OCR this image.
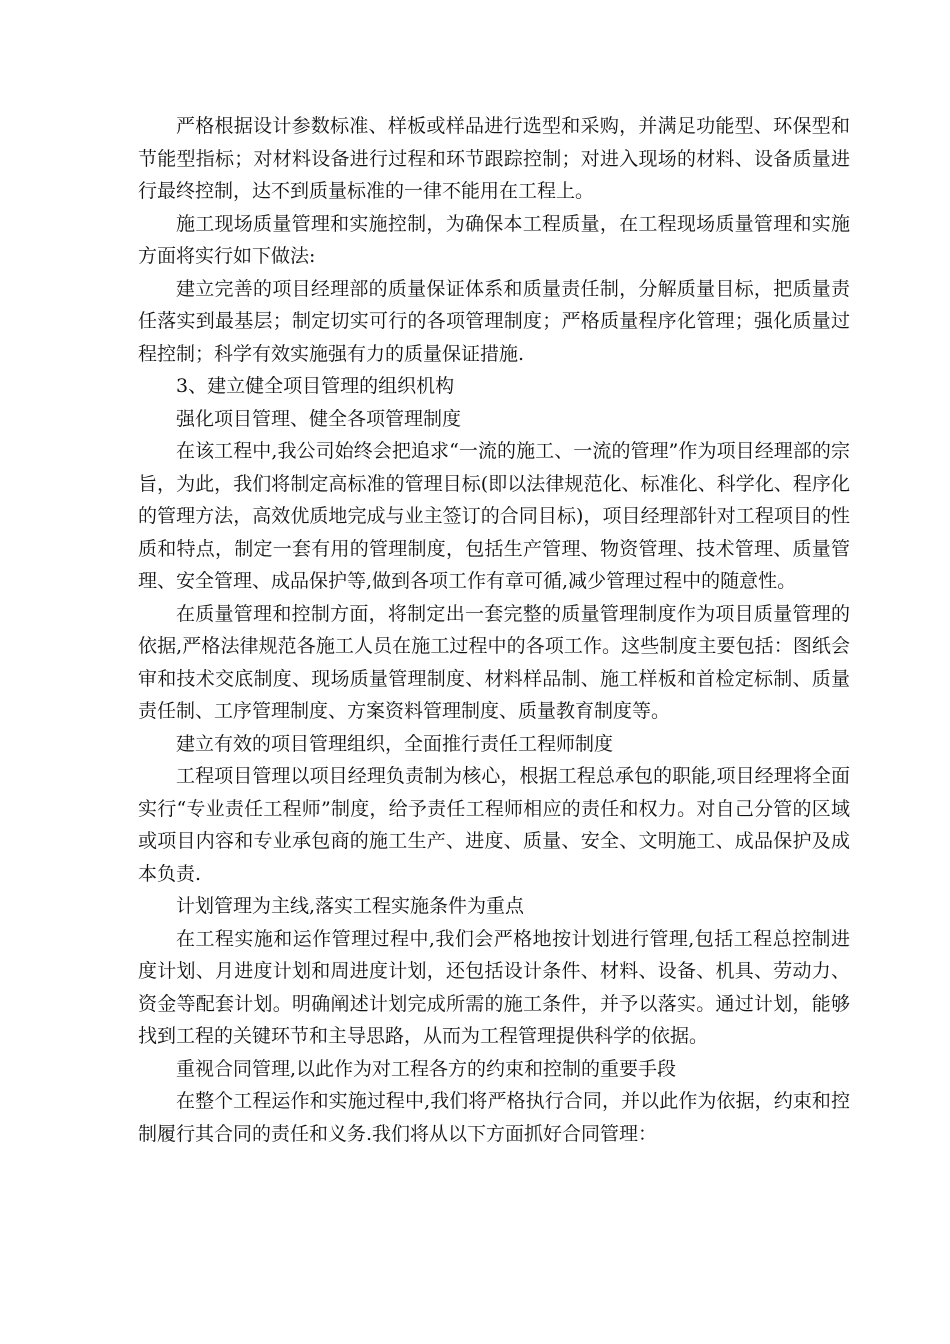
严格根据设计参数标准、样板或样品进行选型和采购，并满足功能型、环保型和节能型指标；对材料设备进行过程和环节跟踪控制；对进入现场的材料、设备质量进行最终控制，达不到质量标准的一律不能用在工程上。

施工现场质量管理和实施控制，为确保本工程质量，在工程现场质量管理和实施方面将实行如下做法:

建立完善的项目经理部的质量保证体系和质量责任制，分解质量目标，把质量责任落实到最基层；制定切实可行的各项管理制度；严格质量程序化管理；强化质量过程控制；科学有效实施强有力的质量保证措施.

3、建立健全项目管理的组织机构

强化项目管理、健全各项管理制度

在该工程中,我公司始终会把追求“一流的施工、一流的管理”作为项目经理部的宗旨，为此，我们将制定高标准的管理目标(即以法律规范化、标准化、科学化、程序化的管理方法，高效优质地完成与业主签订的合同目标)，项目经理部针对工程项目的性质和特点，制定一套有用的管理制度，包括生产管理、物资管理、技术管理、质量管理、安全管理、成品保护等,做到各项工作有章可循,减少管理过程中的随意性。

在质量管理和控制方面，将制定出一套完整的质量管理制度作为项目质量管理的依据,严格法律规范各施工人员在施工过程中的各项工作。这些制度主要包括：图纸会审和技术交底制度、现场质量管理制度、材料样品制、施工样板和首检定标制、质量责任制、工序管理制度、方案资料管理制度、质量教育制度等。

建立有效的项目管理组织，全面推行责任工程师制度

工程项目管理以项目经理负责制为核心，根据工程总承包的职能,项目经理将全面实行“专业责任工程师”制度，给予责任工程师相应的责任和权力。对自己分管的区域或项目内容和专业承包商的施工生产、进度、质量、安全、文明施工、成品保护及成本负责.

计划管理为主线,落实工程实施条件为重点

在工程实施和运作管理过程中,我们会严格地按计划进行管理,包括工程总控制进度计划、月进度计划和周进度计划，还包括设计条件、材料、设备、机具、劳动力、资金等配套计划。明确阐述计划完成所需的施工条件，并予以落实。通过计划，能够找到工程的关键环节和主导思路，从而为工程管理提供科学的依据。

重视合同管理,以此作为对工程各方的约束和控制的重要手段

在整个工程运作和实施过程中,我们将严格执行合同，并以此作为依据，约束和控制履行其合同的责任和义务.我们将从以下方面抓好合同管理：
